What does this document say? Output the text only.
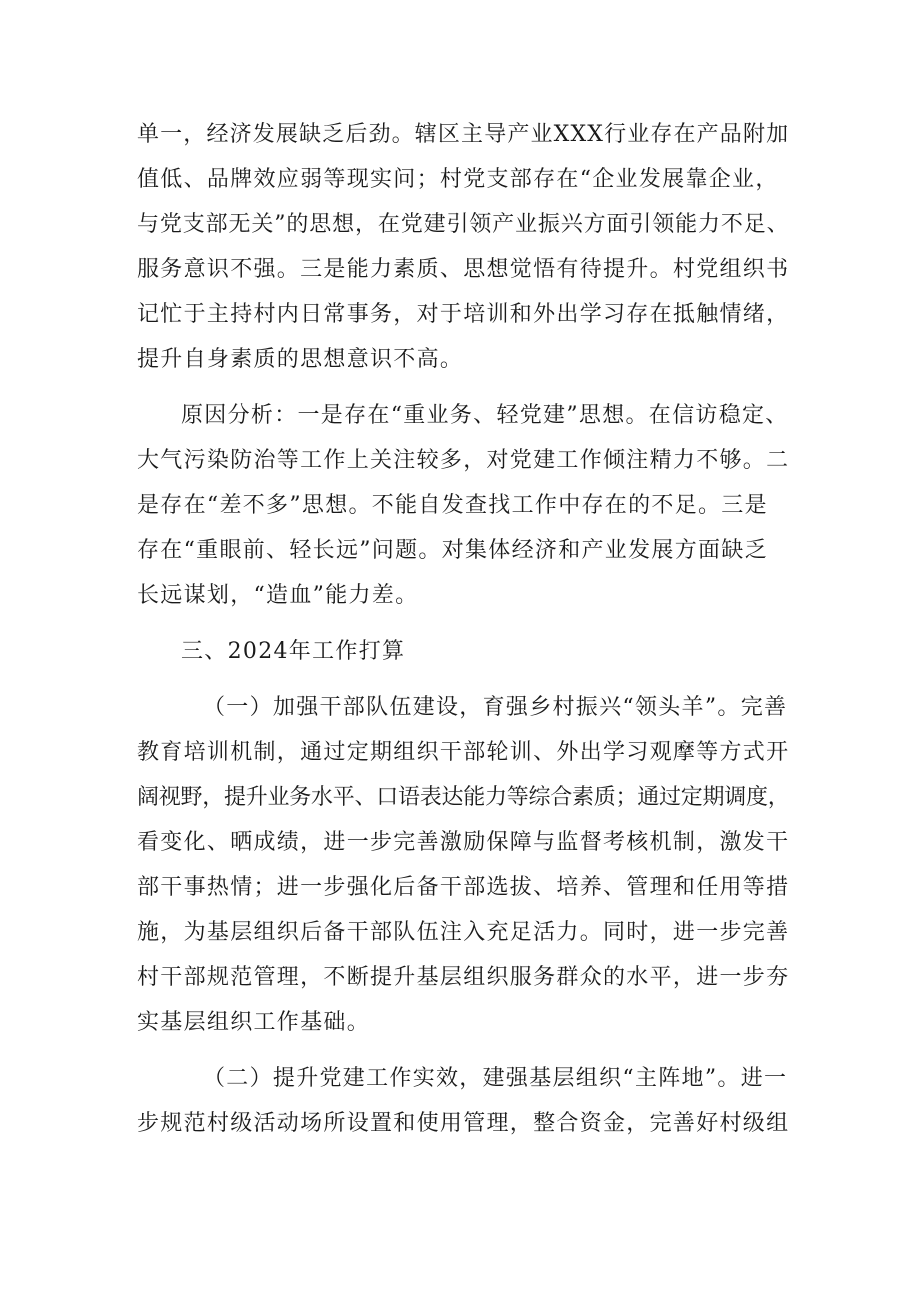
单一，经济发展缺乏后劲。辖区主导产业XXX行业存在产品附加
值低、品牌效应弱等现实问；村党支部存在“企业发展靠企业，
与党支部无关”的思想，在党建引领产业振兴方面引领能力不足、
服务意识不强。三是能力素质、思想觉悟有待提升。村党组织书
记忙于主持村内日常事务，对于培训和外出学习存在抵触情绪，
提升自身素质的思想意识不高。
原因分析：一是存在“重业务、轻党建”思想。在信访稳定、
大气污染防治等工作上关注较多，对党建工作倾注精力不够。二
是存在“差不多”思想。不能自发查找工作中存在的不足。三是
存在“重眼前、轻长远”问题。对集体经济和产业发展方面缺乏
长远谋划，“造血”能力差。
三、2024年工作打算
（一）加强干部队伍建设，育强乡村振兴“领头羊”。完善
教育培训机制，通过定期组织干部轮训、外出学习观摩等方式开
阔视野，提升业务水平、口语表达能力等综合素质；通过定期调度，
看变化、晒成绩，进一步完善激励保障与监督考核机制，激发干
部干事热情；进一步强化后备干部选拔、培养、管理和任用等措
施，为基层组织后备干部队伍注入充足活力。同时，进一步完善
村干部规范管理，不断提升基层组织服务群众的水平，进一步夯
实基层组织工作基础。
（二）提升党建工作实效，建强基层组织“主阵地”。进一
步规范村级活动场所设置和使用管理，整合资金，完善好村级组
